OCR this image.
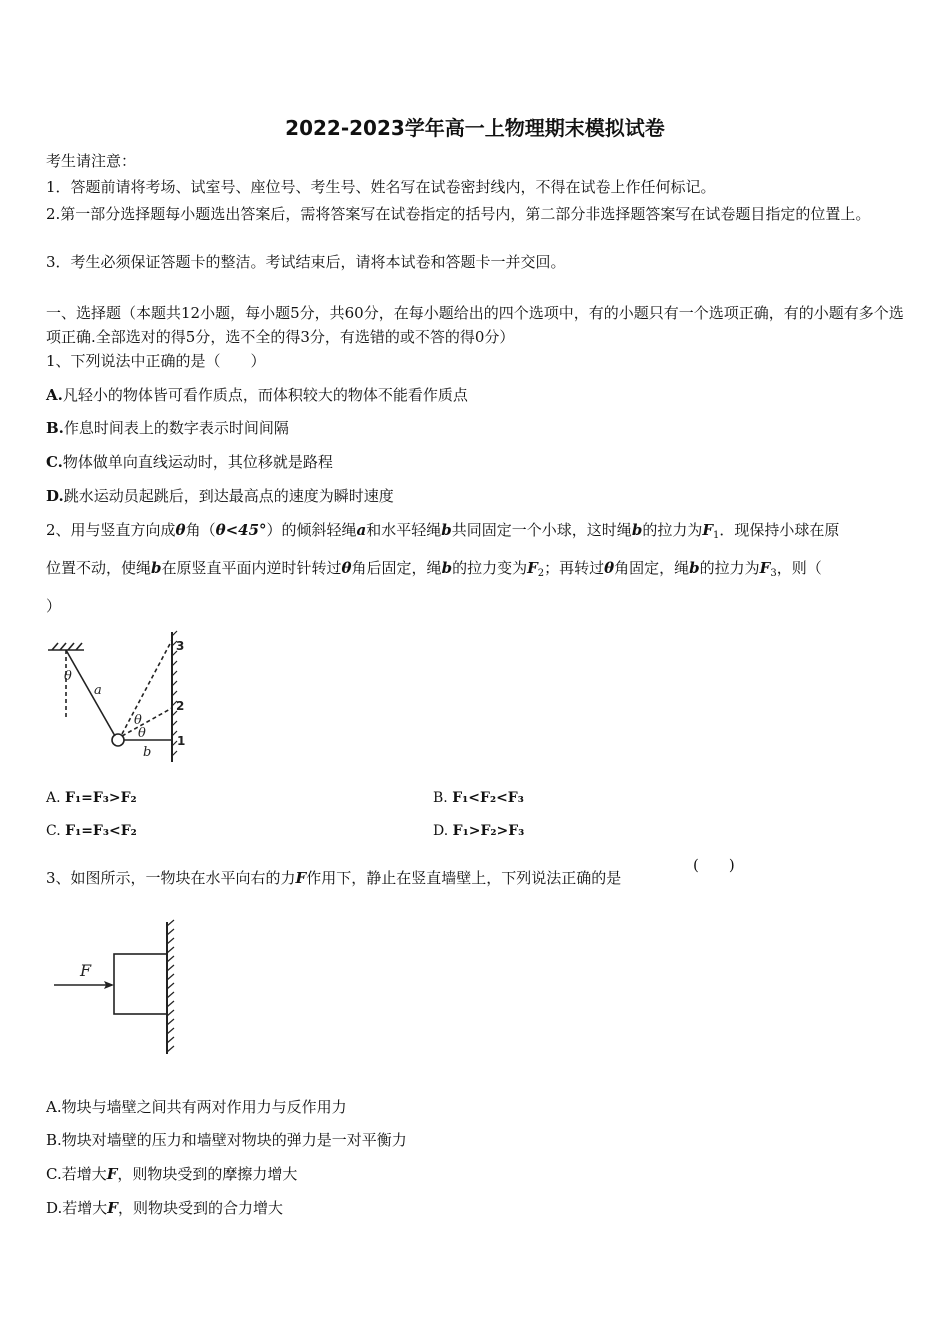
2022-2023学年高一上物理期末模拟试卷
考生请注意：
1．答题前请将考场、试室号、座位号、考生号、姓名写在试卷密封线内，不得在试卷上作任何标记。
2.第一部分选择题每小题选出答案后，需将答案写在试卷指定的括号内，第二部分非选择题答案写在试卷题目指定的位置上。
3．考生必须保证答题卡的整洁。考试结束后，请将本试卷和答题卡一并交回。
一、选择题（本题共12小题，每小题5分，共60分，在每小题给出的四个选项中，有的小题只有一个选项正确，有的小题有多个选项正确.全部选对的得5分，选不全的得3分，有选错的或不答的得0分）
1、下列说法中正确的是（　　）
A.凡轻小的物体皆可看作质点，而体积较大的物体不能看作质点
B.作息时间表上的数字表示时间间隔
C.物体做单向直线运动时，其位移就是路程
D.跳水运动员起跳后，到达最高点的速度为瞬时速度
2、用与竖直方向成θ角（θ<45°）的倾斜轻绳a和水平轻绳b共同固定一个小球，这时绳b的拉力为$F_1$．现保持小球在原
位置不动，使绳b在原竖直平面内逆时针转过θ角后固定，绳b的拉力变为$F_2$；再转过θ角固定，绳b的拉力为$F_3$，则（
）
θ
a
θ
θ
b
1
2
3
A. F₁=F₃>F₂	B. F₁<F₂<F₃
C. F₁=F₃<F₂	D. F₁>F₂>F₃
3、如图所示，一物块在水平向右的力F作用下，静止在竖直墙壁上，下列说法正确的是
(　　)
F
A.物块与墙壁之间共有两对作用力与反作用力
B.物块对墙壁的压力和墙壁对物块的弹力是一对平衡力
C.若增大F，则物块受到的摩擦力增大
D.若增大F，则物块受到的合力增大
